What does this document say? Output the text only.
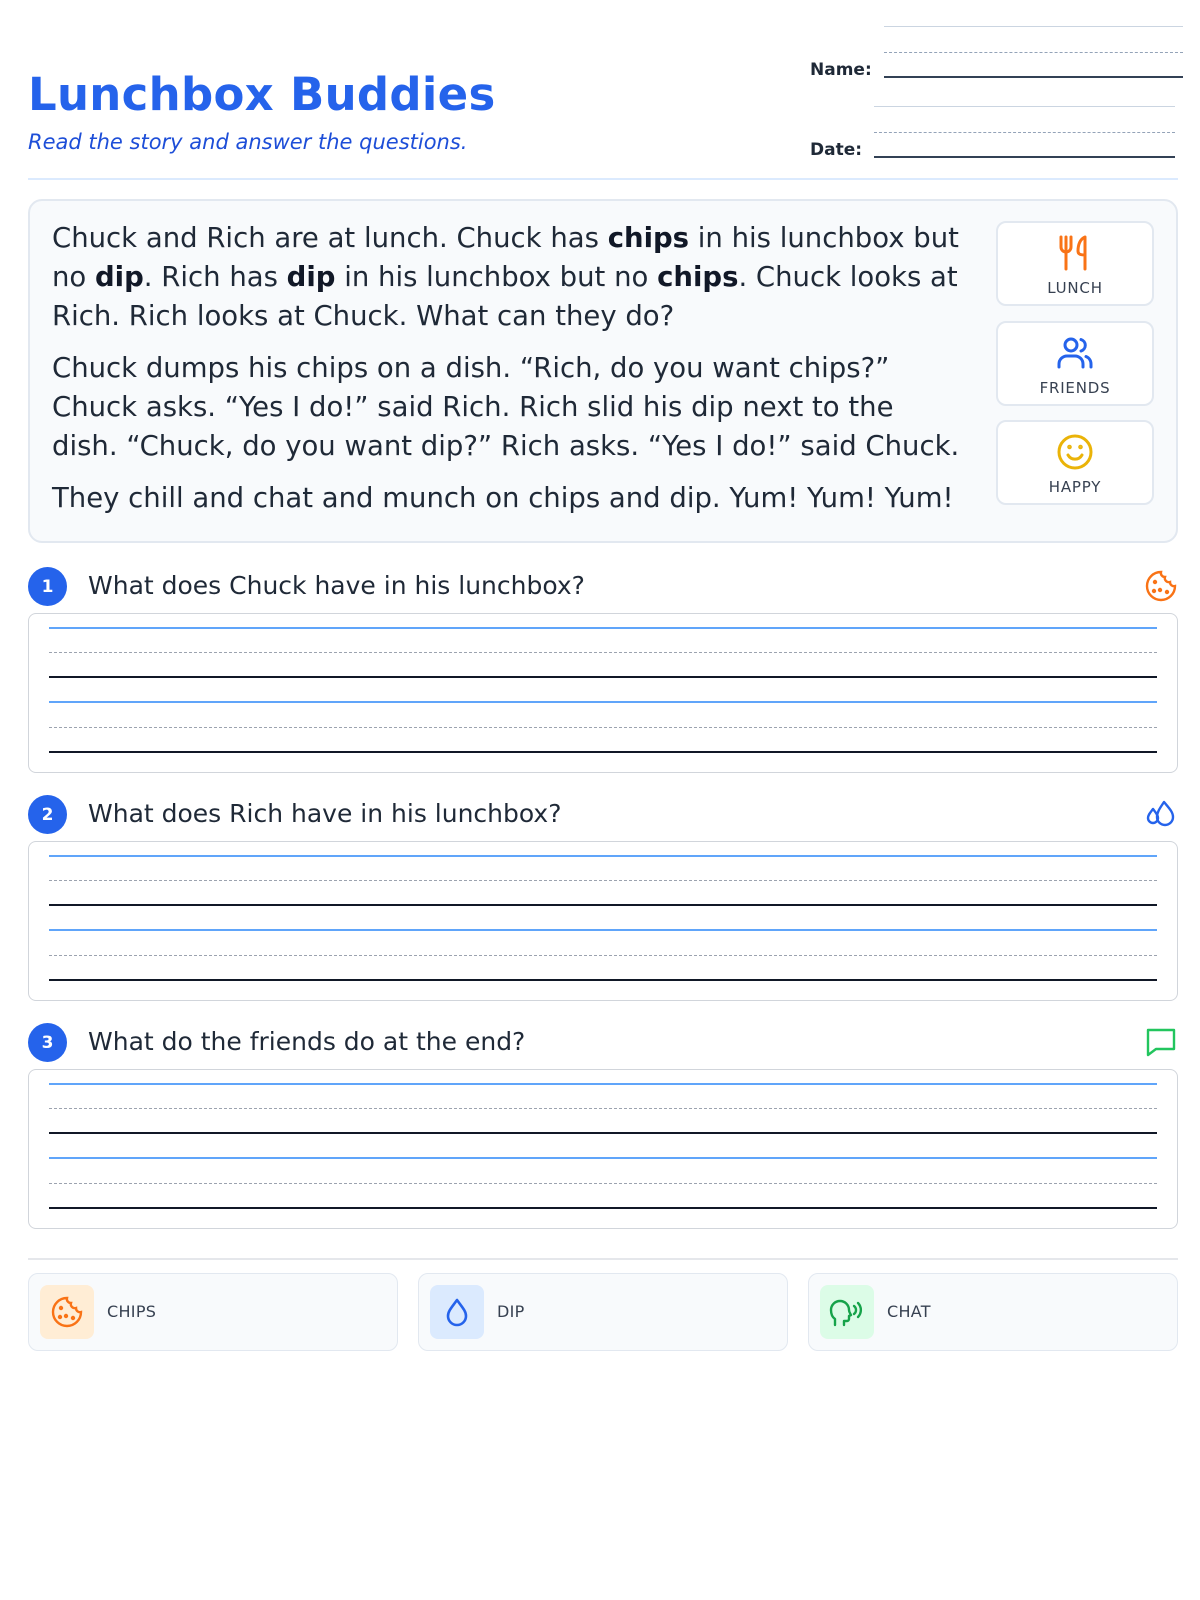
Lunchbox Buddies
Read the story and answer the questions.
Name:
Date:

Chuck and Rich are at lunch. Chuck has chips in his lunchbox but no dip. Rich has dip in his lunchbox but no chips. Chuck looks at Rich. Rich looks at Chuck. What can they do?

Chuck dumps his chips on a dish. “Rich, do you want chips?” Chuck asks. “Yes I do!” said Rich. Rich slid his dip next to the dish. “Chuck, do you want dip?” Rich asks. “Yes I do!” said Chuck.

They chill and chat and munch on chips and dip. Yum! Yum! Yum!

LUNCH
FRIENDS
HAPPY
1	What does Chuck have in his lunchbox?
2	What does Rich have in his lunchbox?
3	What do the friends do at the end?
CHIPS	DIP	CHAT
